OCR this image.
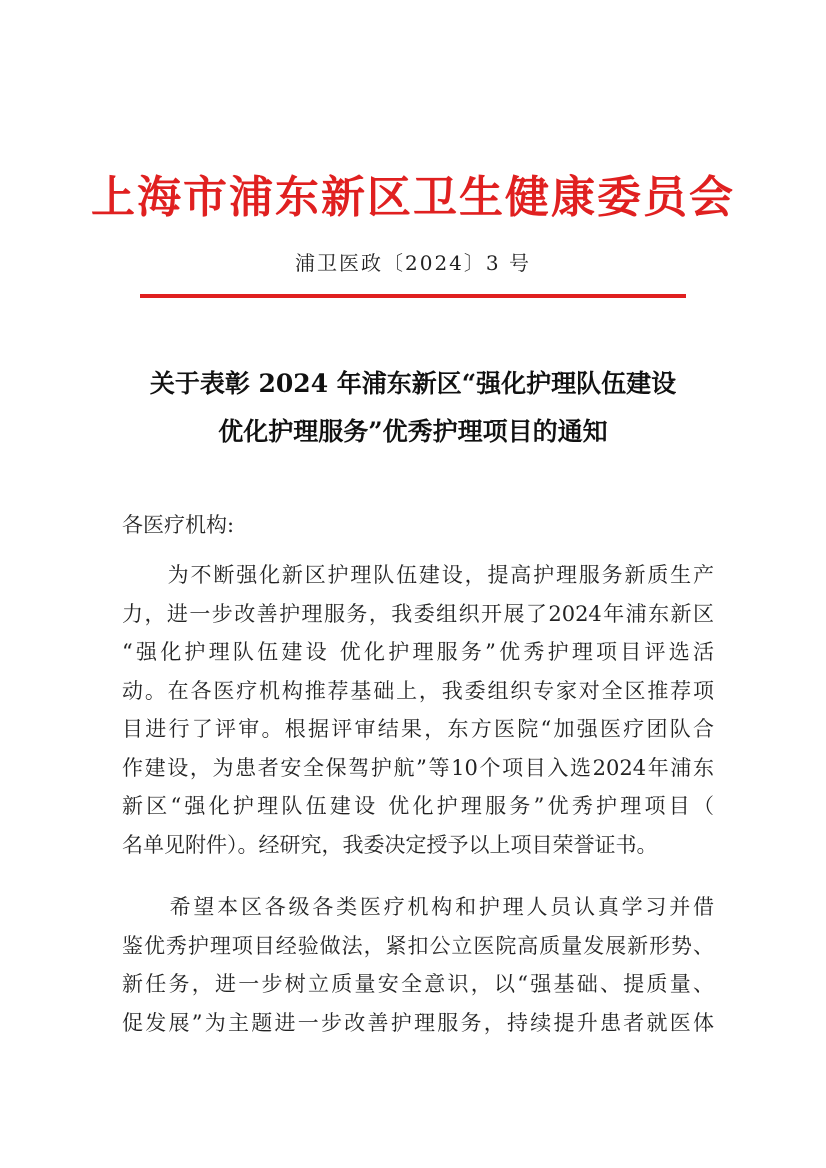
上海市浦东新区卫生健康委员会
浦卫医政〔2024〕3 号
关于表彰 2024 年浦东新区“强化护理队伍建设
优化护理服务”优秀护理项目的通知
各医疗机构:
　　为不断强化新区护理队伍建设，提高护理服务新质生产
力，进一步改善护理服务，我委组织开展了2024年浦东新区
“强化护理队伍建设 优化护理服务”优秀护理项目评选活
动。在各医疗机构推荐基础上，我委组织专家对全区推荐项
目进行了评审。根据评审结果，东方医院“加强医疗团队合
作建设，为患者安全保驾护航”等10个项目入选2024年浦东
新区“强化护理队伍建设 优化护理服务”优秀护理项目（
名单见附件）。经研究，我委决定授予以上项目荣誉证书。
　　希望本区各级各类医疗机构和护理人员认真学习并借
鉴优秀护理项目经验做法，紧扣公立医院高质量发展新形势、
新任务，进一步树立质量安全意识，以“强基础、提质量、
促发展”为主题进一步改善护理服务，持续提升患者就医体
